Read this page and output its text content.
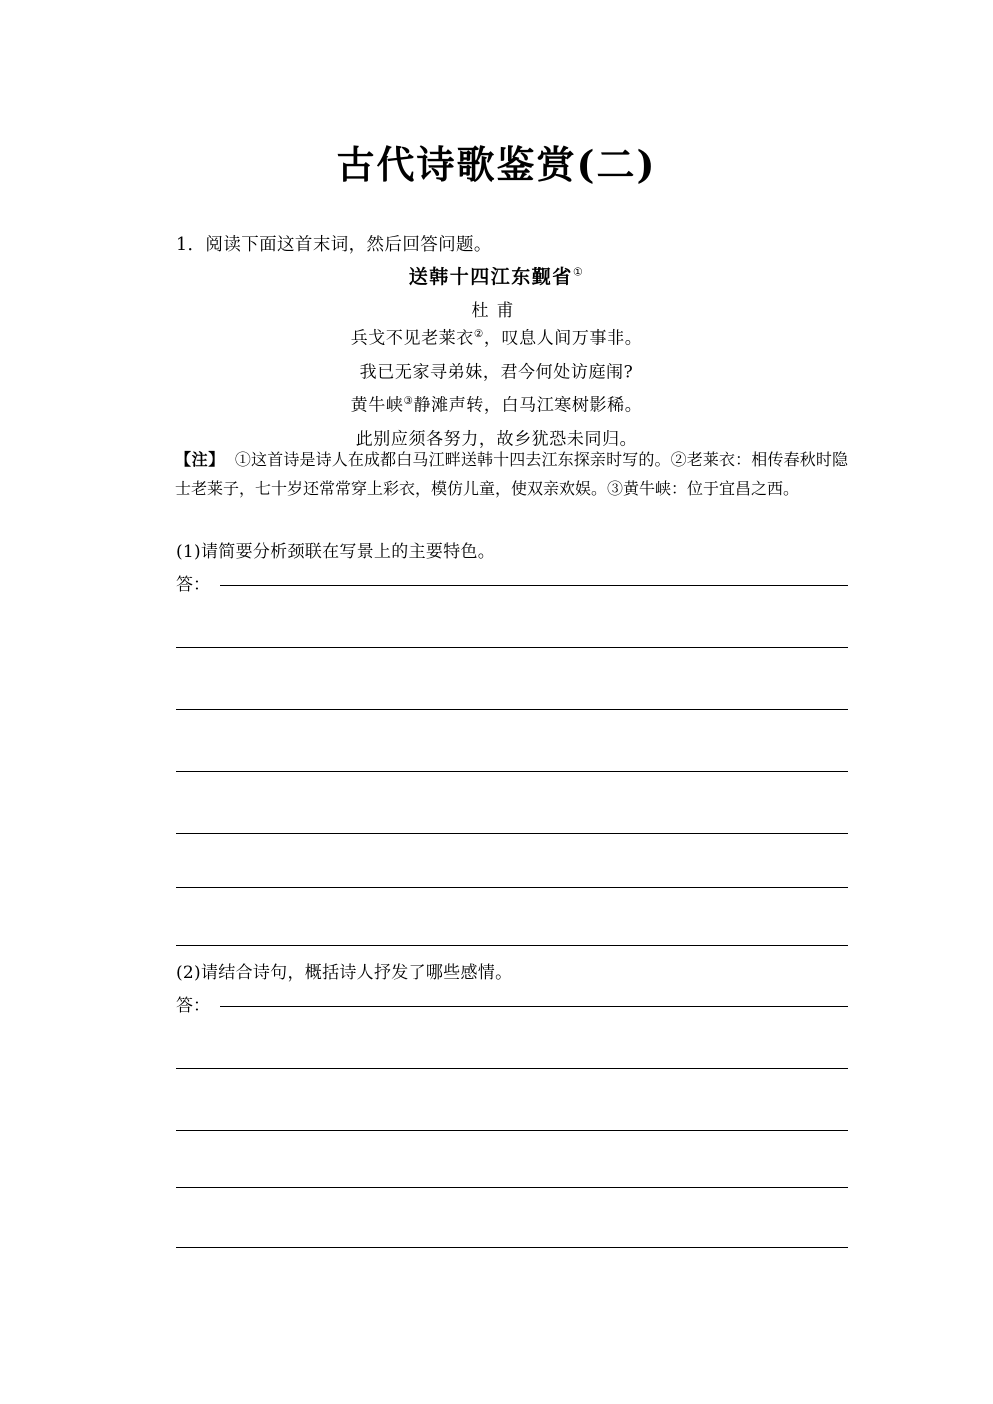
古代诗歌鉴赏(二)
1．阅读下面这首末词，然后回答问题。
送韩十四江东觐省①
杜甫
兵戈不见老莱衣②，叹息人间万事非。
我已无家寻弟妹，君今何处访庭闱?
黄牛峡③静滩声转，白马江寒树影稀。
此别应须各努力，故乡犹恐未同归。
【注】 ①这首诗是诗人在成都白马江畔送韩十四去江东探亲时写的。②老莱衣：相传春秋时隐士老莱子，七十岁还常常穿上彩衣，模仿儿童，使双亲欢娱。③黄牛峡：位于宜昌之西。
(1)请简要分析颈联在写景上的主要特色。
答：
(2)请结合诗句，概括诗人抒发了哪些感情。
答：
